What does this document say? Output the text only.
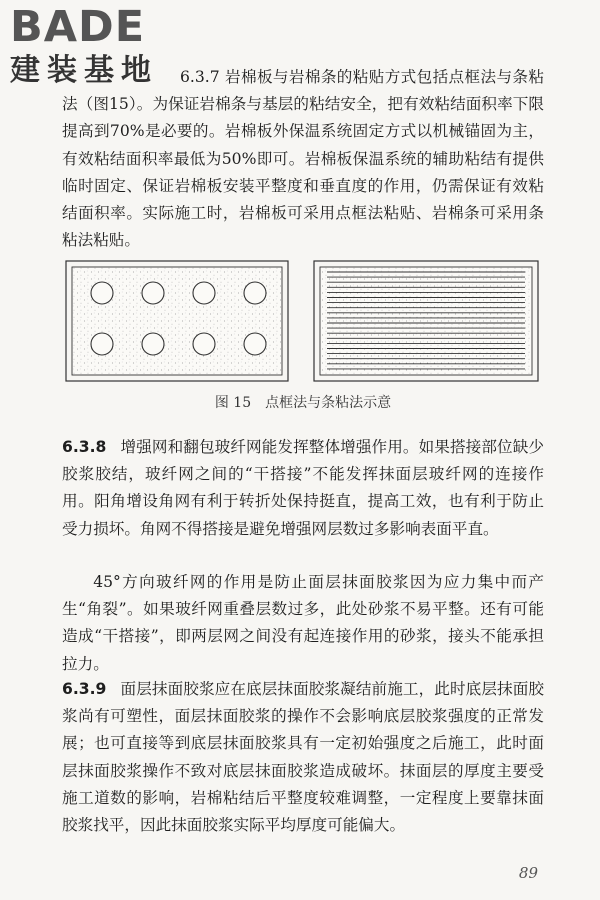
BADE
建装基地	6.3.7 岩棉板与岩棉条的粘贴方式包括点框法与条粘法（图15）。为保证岩棉条与基层的粘结安全，把有效粘结面积率下限提高到70%是必要的。岩棉板外保温系统固定方式以机械锚固为主，有效粘结面积率最低为50%即可。岩棉板保温系统的辅助粘结有提供临时固定、保证岩棉板安装平整度和垂直度的作用，仍需保证有效粘结面积率。实际施工时，岩棉板可采用点框法粘贴、岩棉条可采用条粘法粘贴。

图 15　点框法与条粘法示意

6.3.8 增强网和翻包玻纤网能发挥整体增强作用。如果搭接部位缺少胶浆胶结，玻纤网之间的“干搭接”不能发挥抹面层玻纤网的连接作用。阳角增设角网有利于转折处保持挺直，提高工效，也有利于防止受力损坏。角网不得搭接是避免增强网层数过多影响表面平直。

45°方向玻纤网的作用是防止面层抹面胶浆因为应力集中而产生“角裂”。如果玻纤网重叠层数过多，此处砂浆不易平整。还有可能造成“干搭接”，即两层网之间没有起连接作用的砂浆，接头不能承担拉力。

6.3.9 面层抹面胶浆应在底层抹面胶浆凝结前施工，此时底层抹面胶浆尚有可塑性，面层抹面胶浆的操作不会影响底层胶浆强度的正常发展；也可直接等到底层抹面胶浆具有一定初始强度之后施工，此时面层抹面胶浆操作不致对底层抹面胶浆造成破坏。抹面层的厚度主要受施工道数的影响，岩棉粘结后平整度较难调整，一定程度上要靠抹面胶浆找平，因此抹面胶浆实际平均厚度可能偏大。

89
